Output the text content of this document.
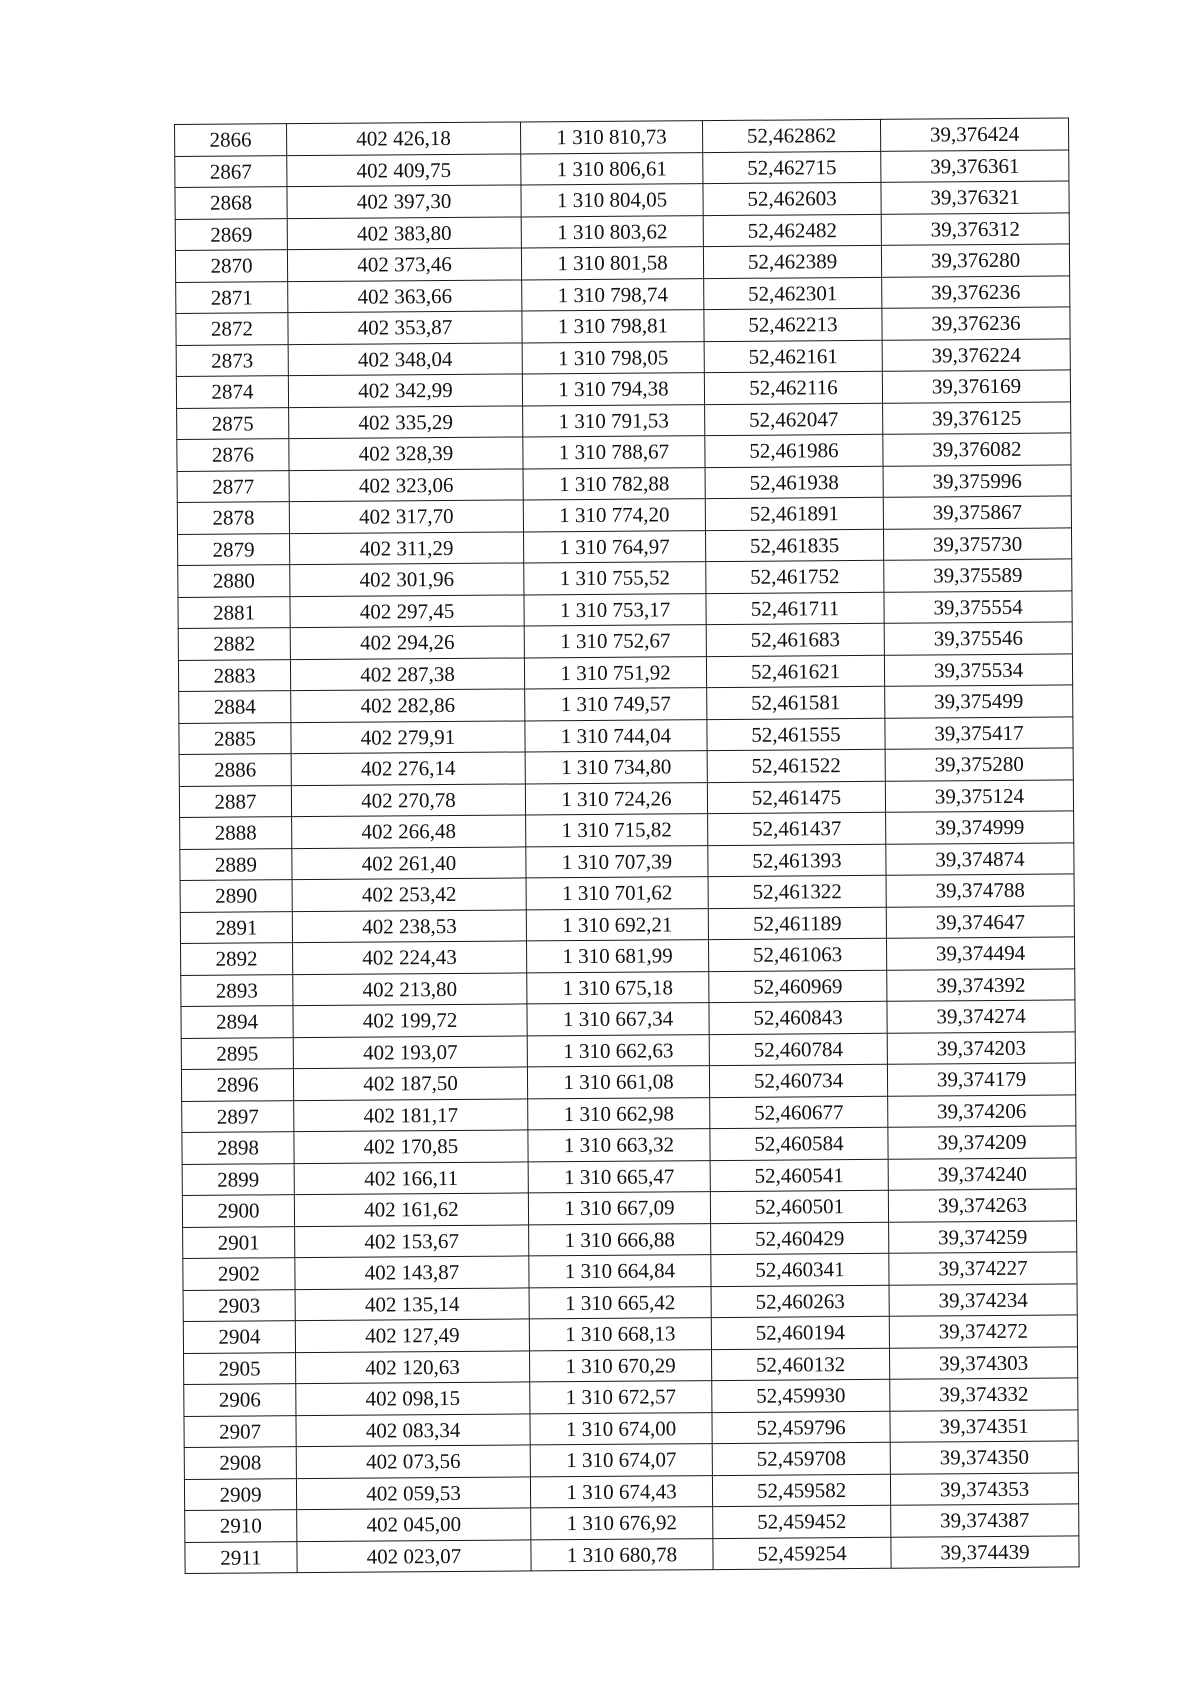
2866	402 426,18	1 310 810,73	52,462862	39,376424
2867	402 409,75	1 310 806,61	52,462715	39,376361
2868	402 397,30	1 310 804,05	52,462603	39,376321
2869	402 383,80	1 310 803,62	52,462482	39,376312
2870	402 373,46	1 310 801,58	52,462389	39,376280
2871	402 363,66	1 310 798,74	52,462301	39,376236
2872	402 353,87	1 310 798,81	52,462213	39,376236
2873	402 348,04	1 310 798,05	52,462161	39,376224
2874	402 342,99	1 310 794,38	52,462116	39,376169
2875	402 335,29	1 310 791,53	52,462047	39,376125
2876	402 328,39	1 310 788,67	52,461986	39,376082
2877	402 323,06	1 310 782,88	52,461938	39,375996
2878	402 317,70	1 310 774,20	52,461891	39,375867
2879	402 311,29	1 310 764,97	52,461835	39,375730
2880	402 301,96	1 310 755,52	52,461752	39,375589
2881	402 297,45	1 310 753,17	52,461711	39,375554
2882	402 294,26	1 310 752,67	52,461683	39,375546
2883	402 287,38	1 310 751,92	52,461621	39,375534
2884	402 282,86	1 310 749,57	52,461581	39,375499
2885	402 279,91	1 310 744,04	52,461555	39,375417
2886	402 276,14	1 310 734,80	52,461522	39,375280
2887	402 270,78	1 310 724,26	52,461475	39,375124
2888	402 266,48	1 310 715,82	52,461437	39,374999
2889	402 261,40	1 310 707,39	52,461393	39,374874
2890	402 253,42	1 310 701,62	52,461322	39,374788
2891	402 238,53	1 310 692,21	52,461189	39,374647
2892	402 224,43	1 310 681,99	52,461063	39,374494
2893	402 213,80	1 310 675,18	52,460969	39,374392
2894	402 199,72	1 310 667,34	52,460843	39,374274
2895	402 193,07	1 310 662,63	52,460784	39,374203
2896	402 187,50	1 310 661,08	52,460734	39,374179
2897	402 181,17	1 310 662,98	52,460677	39,374206
2898	402 170,85	1 310 663,32	52,460584	39,374209
2899	402 166,11	1 310 665,47	52,460541	39,374240
2900	402 161,62	1 310 667,09	52,460501	39,374263
2901	402 153,67	1 310 666,88	52,460429	39,374259
2902	402 143,87	1 310 664,84	52,460341	39,374227
2903	402 135,14	1 310 665,42	52,460263	39,374234
2904	402 127,49	1 310 668,13	52,460194	39,374272
2905	402 120,63	1 310 670,29	52,460132	39,374303
2906	402 098,15	1 310 672,57	52,459930	39,374332
2907	402 083,34	1 310 674,00	52,459796	39,374351
2908	402 073,56	1 310 674,07	52,459708	39,374350
2909	402 059,53	1 310 674,43	52,459582	39,374353
2910	402 045,00	1 310 676,92	52,459452	39,374387
2911	402 023,07	1 310 680,78	52,459254	39,374439
